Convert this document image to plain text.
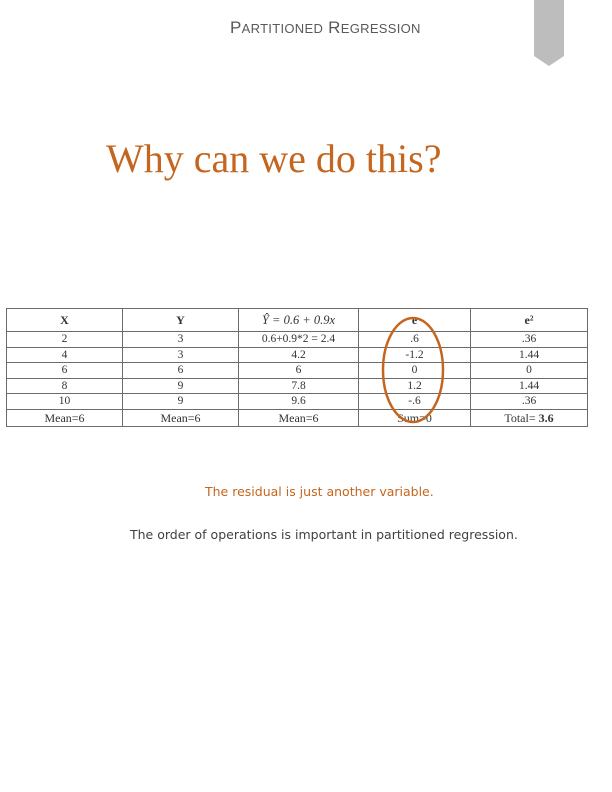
PARTITIONED REGRESSION
Why can we do this?
X	Y	Ŷ = 0.6 + 0.9x	e	e²
2	3	0.6+0.9*2 = 2.4	.6	.36
4	3	4.2	-1.2	1.44
6	6	6	0	0
8	9	7.8	1.2	1.44
10	9	9.6	-.6	.36
Mean=6	Mean=6	Mean=6	Sum=0	Total= 3.6
The residual is just another variable.
The order of operations is important in partitioned regression.
